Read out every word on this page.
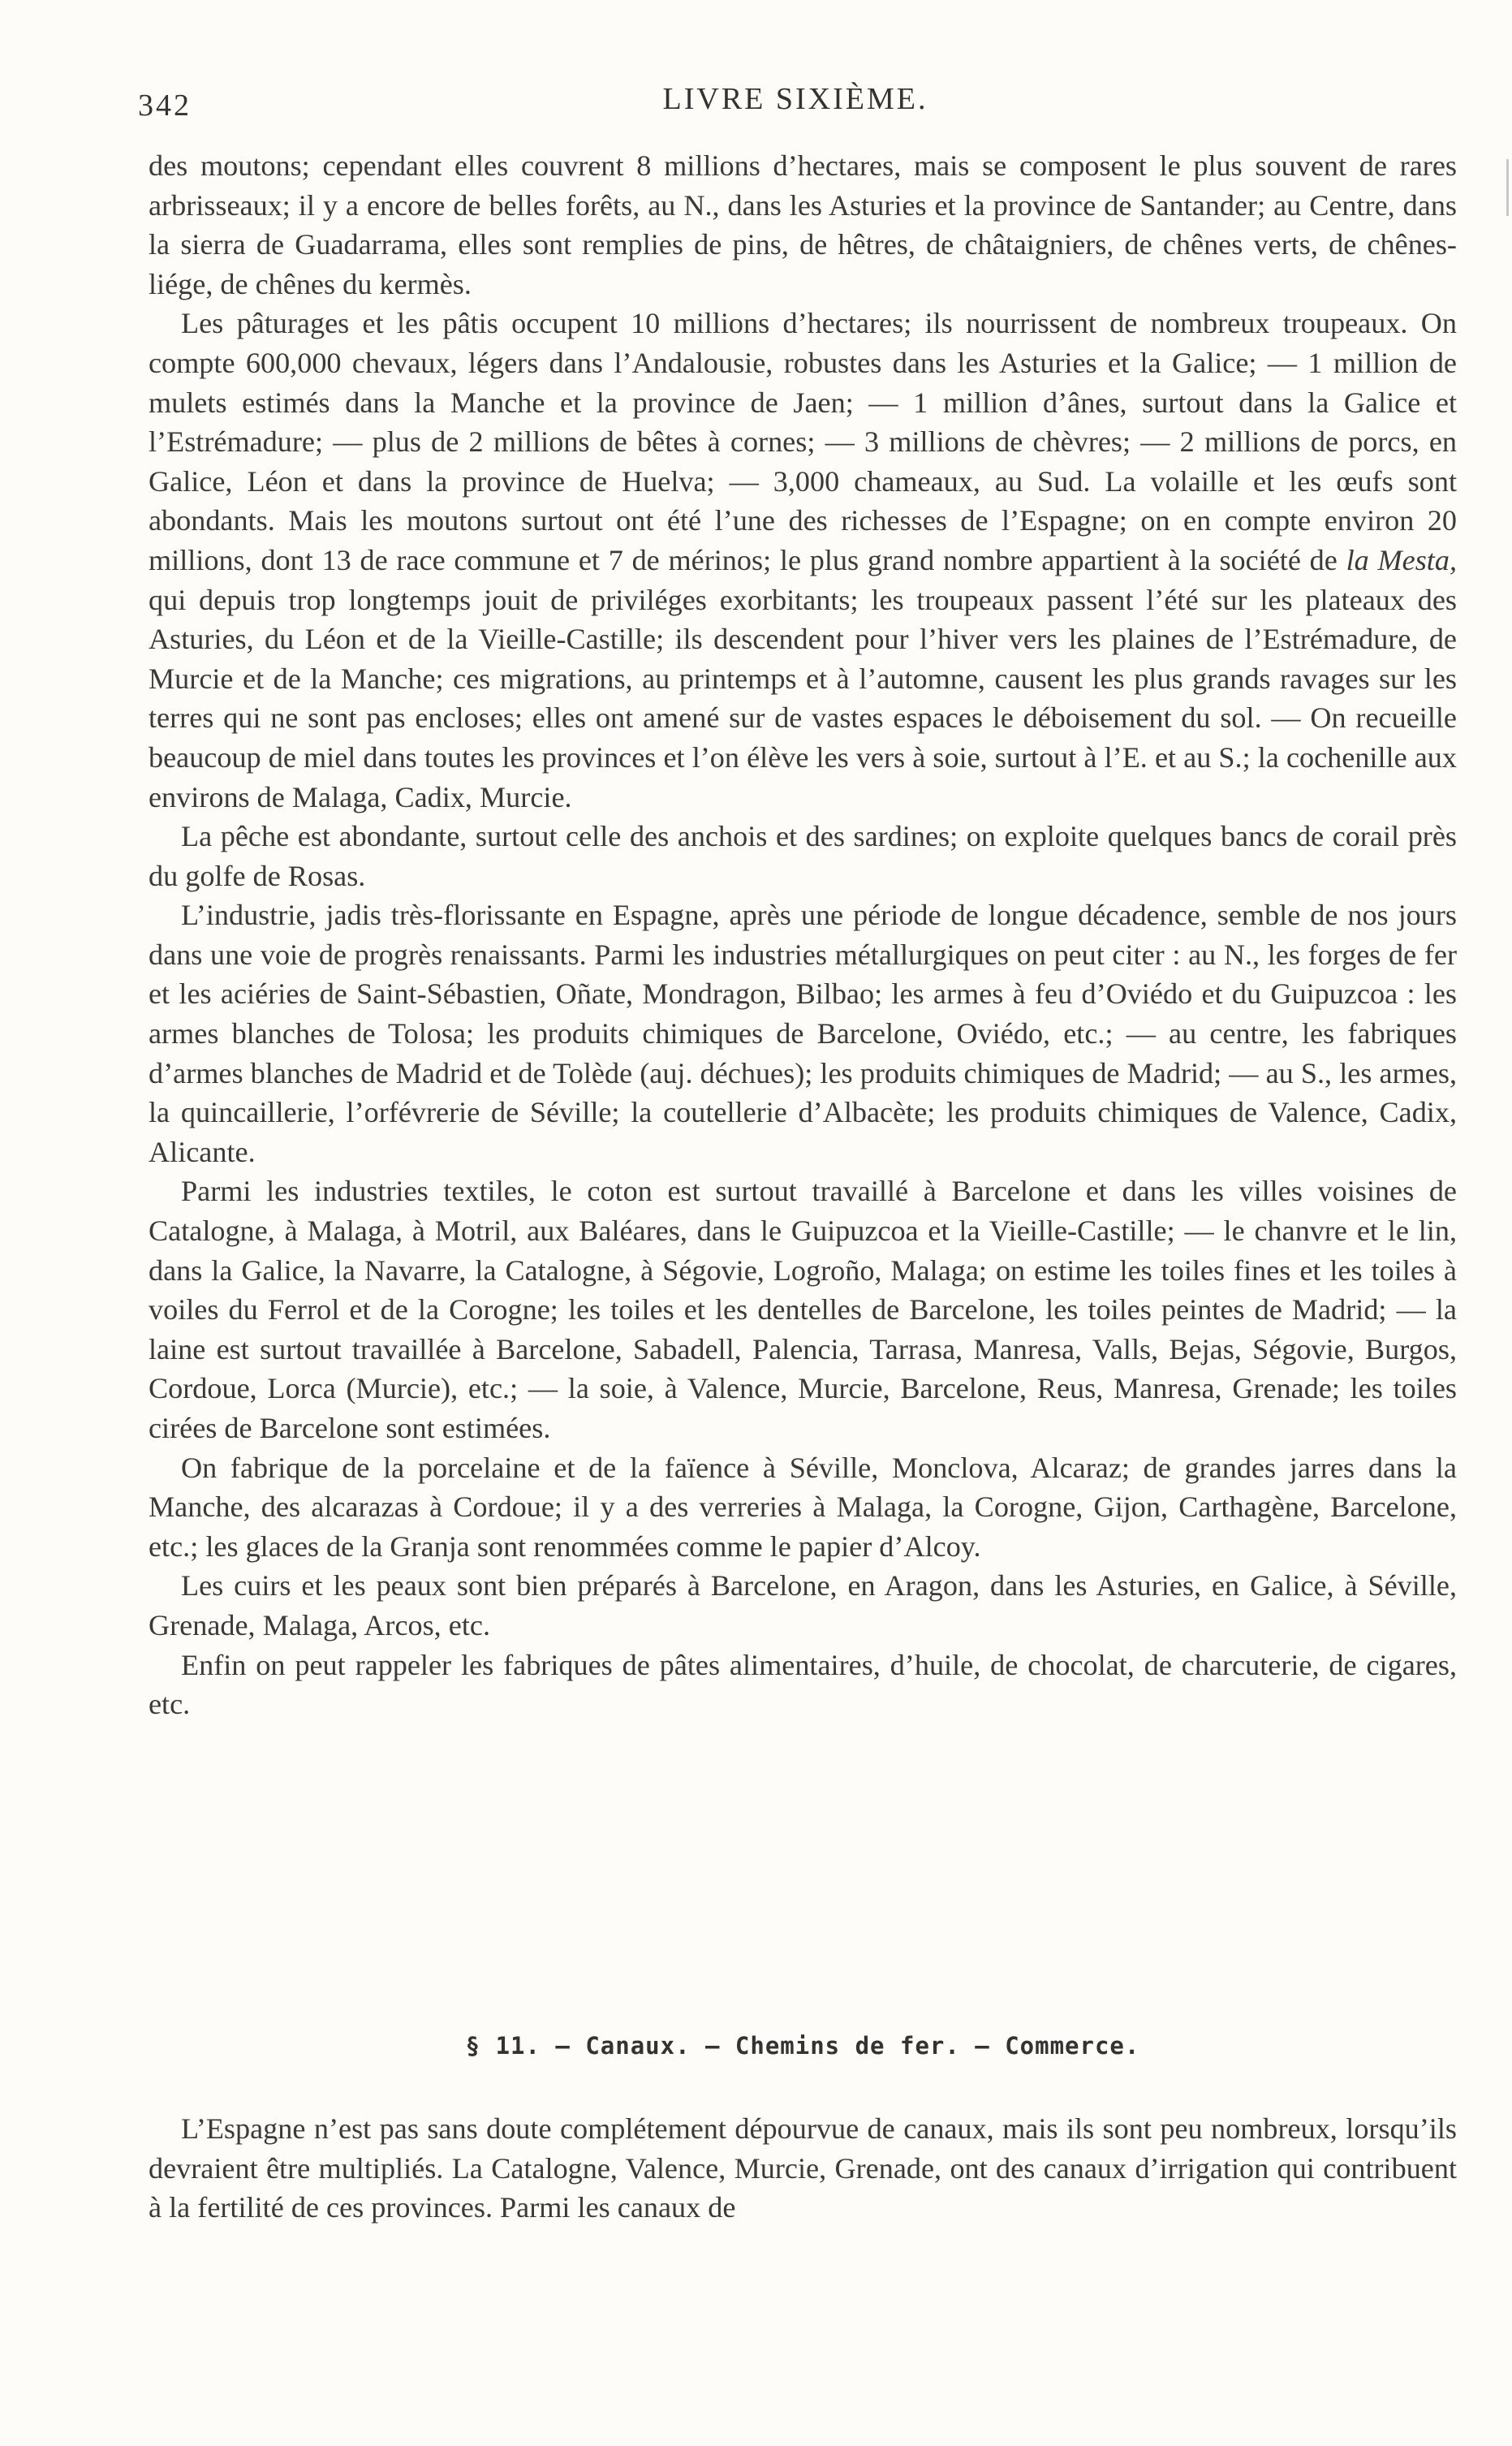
342	LIVRE SIXIÈME.

des moutons; cependant elles couvrent 8 millions d’hectares, mais se composent le plus souvent de rares arbrisseaux; il y a encore de belles forêts, au N., dans les Asturies et la province de Santander; au Centre, dans la sierra de Guadarrama, elles sont remplies de pins, de hêtres, de châtaigniers, de chênes verts, de chênes-liége, de chênes du kermès.

Les pâturages et les pâtis occupent 10 millions d’hectares; ils nourrissent de nombreux troupeaux. On compte 600,000 chevaux, légers dans l’Andalousie, robustes dans les Asturies et la Galice; — 1 million de mulets estimés dans la Manche et la province de Jaen; — 1 million d’ânes, surtout dans la Galice et l’Estrémadure; — plus de 2 millions de bêtes à cornes; — 3 millions de chèvres; — 2 millions de porcs, en Galice, Léon et dans la province de Huelva; — 3,000 chameaux, au Sud. La volaille et les œufs sont abondants. Mais les moutons surtout ont été l’une des richesses de l’Espagne; on en compte environ 20 millions, dont 13 de race commune et 7 de mérinos; le plus grand nombre appartient à la société de la Mesta, qui depuis trop longtemps jouit de priviléges exorbitants; les troupeaux passent l’été sur les plateaux des Asturies, du Léon et de la Vieille-Castille; ils descendent pour l’hiver vers les plaines de l’Estrémadure, de Murcie et de la Manche; ces migrations, au printemps et à l’automne, causent les plus grands ravages sur les terres qui ne sont pas encloses; elles ont amené sur de vastes espaces le déboisement du sol. — On recueille beaucoup de miel dans toutes les provinces et l’on élève les vers à soie, surtout à l’E. et au S.; la cochenille aux environs de Malaga, Cadix, Murcie.

La pêche est abondante, surtout celle des anchois et des sardines; on exploite quelques bancs de corail près du golfe de Rosas.

L’industrie, jadis très-florissante en Espagne, après une période de longue décadence, semble de nos jours dans une voie de progrès renaissants. Parmi les industries métallurgiques on peut citer : au N., les forges de fer et les aciéries de Saint-Sébastien, Oñate, Mondragon, Bilbao; les armes à feu d’Oviédo et du Guipuzcoa : les armes blanches de Tolosa; les produits chimiques de Barcelone, Oviédo, etc.; — au centre, les fabriques d’armes blanches de Madrid et de Tolède (auj. déchues); les produits chimiques de Madrid; — au S., les armes, la quincaillerie, l’orfévrerie de Séville; la coutellerie d’Albacète; les produits chimiques de Valence, Cadix, Alicante.

Parmi les industries textiles, le coton est surtout travaillé à Barcelone et dans les villes voisines de Catalogne, à Malaga, à Motril, aux Baléares, dans le Guipuzcoa et la Vieille-Castille; — le chanvre et le lin, dans la Galice, la Navarre, la Catalogne, à Ségovie, Logroño, Malaga; on estime les toiles fines et les toiles à voiles du Ferrol et de la Corogne; les toiles et les dentelles de Barcelone, les toiles peintes de Madrid; — la laine est surtout travaillée à Barcelone, Sabadell, Palencia, Tarrasa, Manresa, Valls, Bejas, Ségovie, Burgos, Cordoue, Lorca (Murcie), etc.; — la soie, à Valence, Murcie, Barcelone, Reus, Manresa, Grenade; les toiles cirées de Barcelone sont estimées.

On fabrique de la porcelaine et de la faïence à Séville, Monclova, Alcaraz; de grandes jarres dans la Manche, des alcarazas à Cordoue; il y a des verreries à Malaga, la Corogne, Gijon, Carthagène, Barcelone, etc.; les glaces de la Granja sont renommées comme le papier d’Alcoy.

Les cuirs et les peaux sont bien préparés à Barcelone, en Aragon, dans les Asturies, en Galice, à Séville, Grenade, Malaga, Arcos, etc.

Enfin on peut rappeler les fabriques de pâtes alimentaires, d’huile, de chocolat, de charcuterie, de cigares, etc.

§ 11. — Canaux. — Chemins de fer. — Commerce.

L’Espagne n’est pas sans doute complétement dépourvue de canaux, mais ils sont peu nombreux, lorsqu’ils devraient être multipliés. La Catalogne, Valence, Murcie, Grenade, ont des canaux d’irrigation qui contribuent à la fertilité de ces provinces. Parmi les canaux de
